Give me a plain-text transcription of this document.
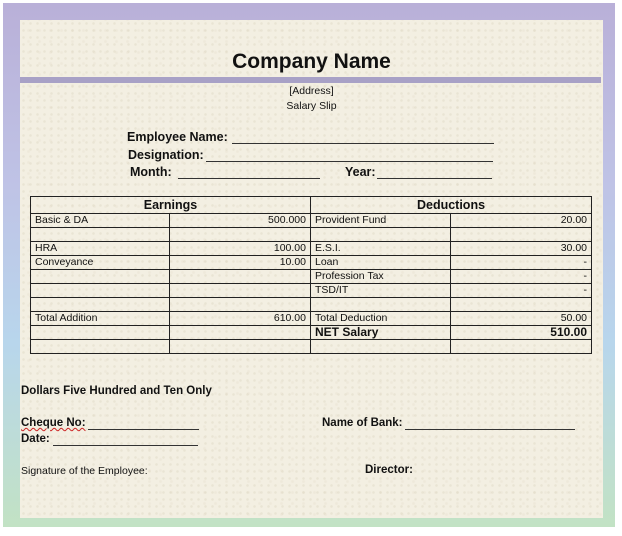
Company Name
[Address]
Salary Slip
Employee Name:
Designation:
Month:	Year:
Earnings		Deductions	
Basic & DA	500.000	Provident Fund	20.00

HRA	100.00	E.S.I.	30.00
Conveyance	10.00	Loan	-
		Profession Tax	-
		TSD/IT	-

Total Addition	610.00	Total Deduction	50.00
		NET Salary	510.00

Dollars Five Hundred and Ten Only
Cheque No:	Name of Bank:
Date:
Signature of the Employee:	Director:
